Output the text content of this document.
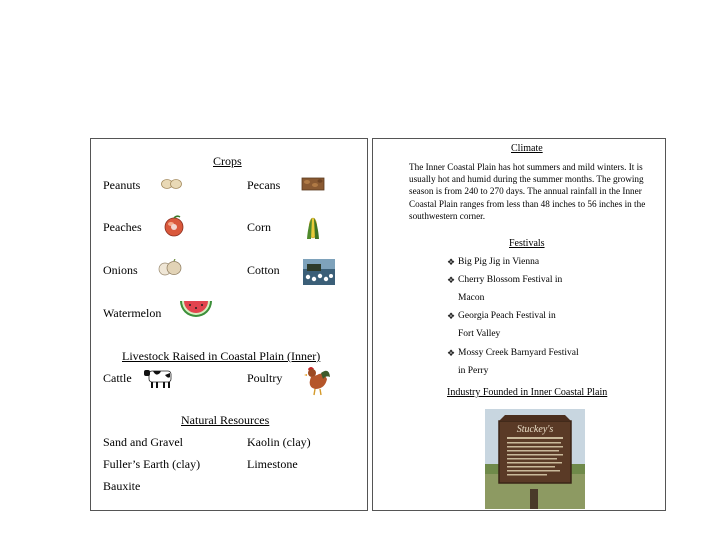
Crops
Peanuts	Pecans
Peaches	Corn
Onions	Cotton
Watermelon
Livestock Raised in Coastal Plain (Inner)
Cattle	Poultry
Natural Resources
Sand and Gravel	Kaolin (clay)
Fuller’s Earth (clay)	Limestone
Bauxite
Climate
The Inner Coastal Plain has hot summers and mild winters. It is usually hot and humid during the summer months. The growing season is from 240 to 270 days. The annual rainfall in the Inner Coastal Plain ranges from less than 48 inches to 56 inches in the southwestern corner.
Festivals
❖ Big Pig Jig in Vienna
❖ Cherry Blossom Festival in
Macon
❖ Georgia Peach Festival in
Fort Valley
❖ Mossy Creek Barnyard Festival
in Perry
Industry Founded in Inner Coastal Plain
Stuckey's
